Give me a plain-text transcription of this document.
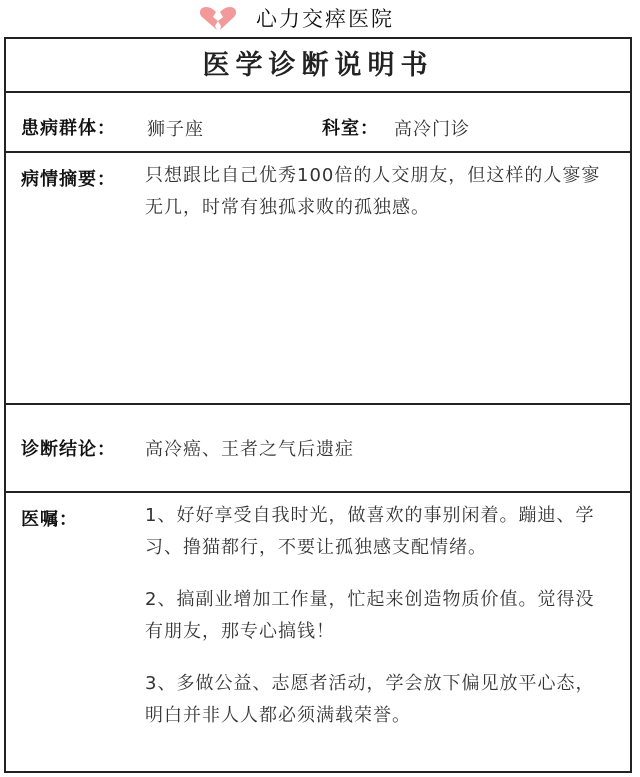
心力交瘁医院
医学诊断说明书
患病群体： 狮子座	科室： 高冷门诊
病情摘要： 只想跟比自己优秀100倍的人交朋友，但这样的人寥寥无几，时常有独孤求败的孤独感。

诊断结论： 高冷癌、王者之气后遗症
医嘱：	1、好好享受自我时光，做喜欢的事别闲着。蹦迪、学习、撸猫都行，不要让孤独感支配情绪。

2、搞副业增加工作量，忙起来创造物质价值。觉得没有朋友，那专心搞钱！

3、多做公益、志愿者活动，学会放下偏见放平心态，明白并非人人都必须满载荣誉。
